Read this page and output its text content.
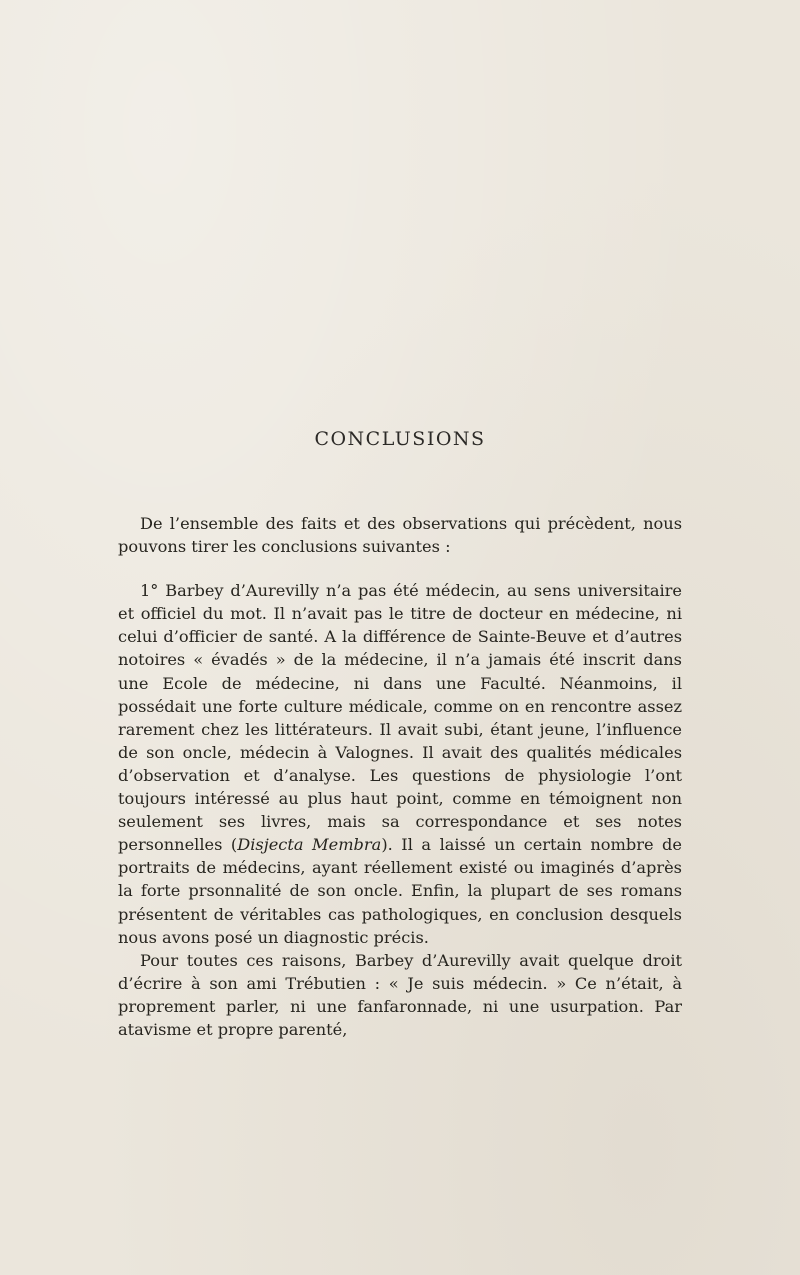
CONCLUSIONS

De l’ensemble des faits et des observations qui précèdent, nous pouvons tirer les conclusions suivantes :

1° Barbey d’Aurevilly n’a pas été médecin, au sens universitaire et officiel du mot. Il n’avait pas le titre de docteur en médecine, ni celui d’officier de santé. A la différence de Sainte-Beuve et d’autres notoires « évadés » de la médecine, il n’a jamais été inscrit dans une Ecole de médecine, ni dans une Faculté. Néanmoins, il possédait une forte culture médicale, comme on en rencontre assez rarement chez les littérateurs. Il avait subi, étant jeune, l’influence de son oncle, médecin à Valognes. Il avait des qualités médicales d’observation et d’analyse. Les questions de physiologie l’ont toujours intéressé au plus haut point, comme en témoignent non seulement ses livres, mais sa correspondance et ses notes personnelles (Disjecta Membra). Il a laissé un certain nombre de portraits de médecins, ayant réellement existé ou imaginés d’après la forte prsonnalité de son oncle. Enfin, la plupart de ses romans présentent de véritables cas pathologiques, en conclusion desquels nous avons posé un diagnostic précis.

Pour toutes ces raisons, Barbey d’Aurevilly avait quelque droit d’écrire à son ami Trébutien : « Je suis médecin. » Ce n’était, à proprement parler, ni une fanfaronnade, ni une usurpation. Par atavisme et propre parenté,
